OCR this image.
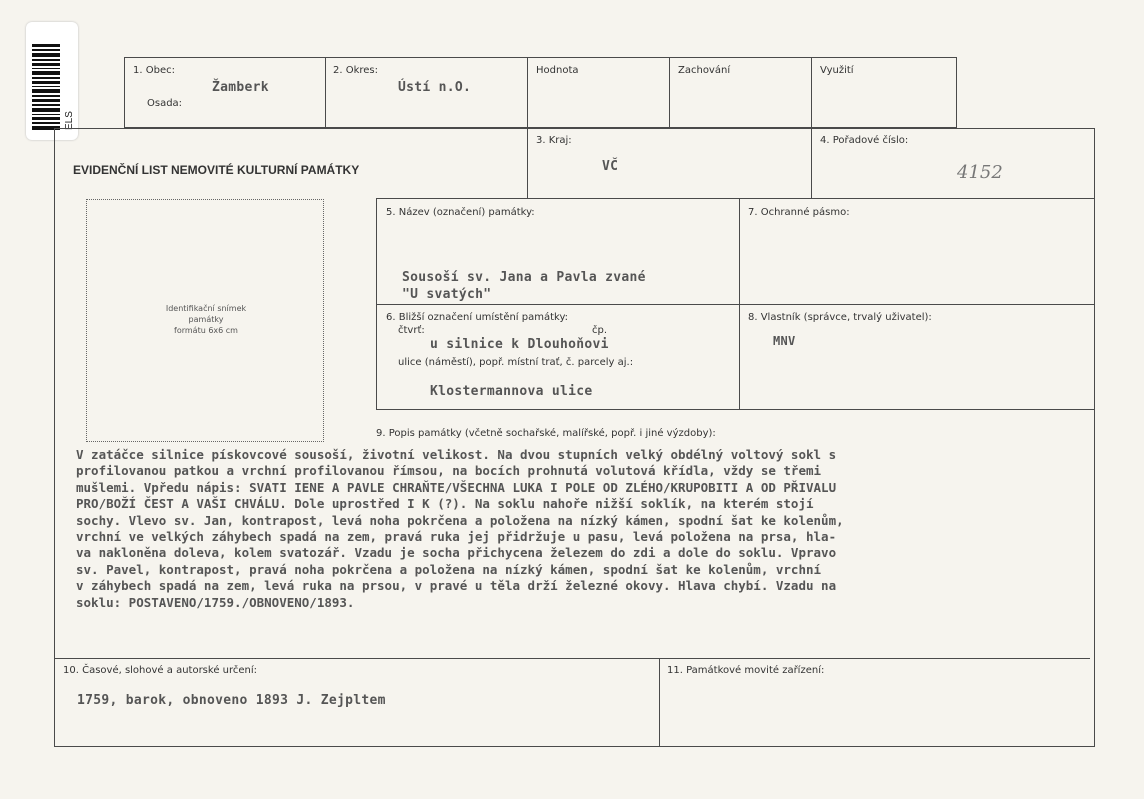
ELS
1. Obec:
Žamberk
Osada:
2. Okres:
Ústí n.O.
Hodnota	Zachování	Využití
EVIDENČNÍ LIST NEMOVITÉ KULTURNÍ PAMÁTKY
3. Kraj:
VČ
4. Pořadové číslo:
4152
Identifikační snímek
památky
formátu 6x6 cm
5. Název (označení) památky:
Sousoší sv. Jana a Pavla zvané
"U svatých"
7. Ochranné pásmo:
6. Bližší označení umístění památky:
čtvrť:	čp.
u silnice k Dlouhoňovi
ulice (náměstí), popř. místní trať, č. parcely aj.:
Klostermannova ulice
8. Vlastník (správce, trvalý uživatel):
MNV
9. Popis památky (včetně sochařské, malířské, popř. i jiné výzdoby):
V zatáčce silnice pískovcové sousoší, životní velikost. Na dvou stupních velký obdélný voltový sokl s
profilovanou patkou a vrchní profilovanou římsou, na bocích prohnutá volutová křídla, vždy se třemi
mušlemi. Vpředu nápis: SVATI IENE A PAVLE CHRAŇTE/VŠECHNA LUKA I POLE OD ZLÉHO/KRUPOBITI A OD PŘIVALU
PRO/BOŽÍ ČEST A VAŠI CHVÁLU. Dole uprostřed I K (?). Na soklu nahoře nižší soklík, na kterém stojí
sochy. Vlevo sv. Jan, kontrapost, levá noha pokrčena a položena na nízký kámen, spodní šat ke kolenům,
vrchní ve velkých záhybech spadá na zem, pravá ruka jej přidržuje u pasu, levá položena na prsa, hla-
va nakloněna doleva, kolem svatozář. Vzadu je socha přichycena železem do zdi a dole do soklu. Vpravo
sv. Pavel, kontrapost, pravá noha pokrčena a položena na nízký kámen, spodní šat ke kolenům, vrchní
v záhybech spadá na zem, levá ruka na prsou, v pravé u těla drží železné okovy. Hlava chybí. Vzadu na
soklu: POSTAVENO/1759./OBNOVENO/1893.
10. Časové, slohové a autorské určení:
1759, barok, obnoveno 1893 J. Zejpltem
11. Památkové movité zařízení:
